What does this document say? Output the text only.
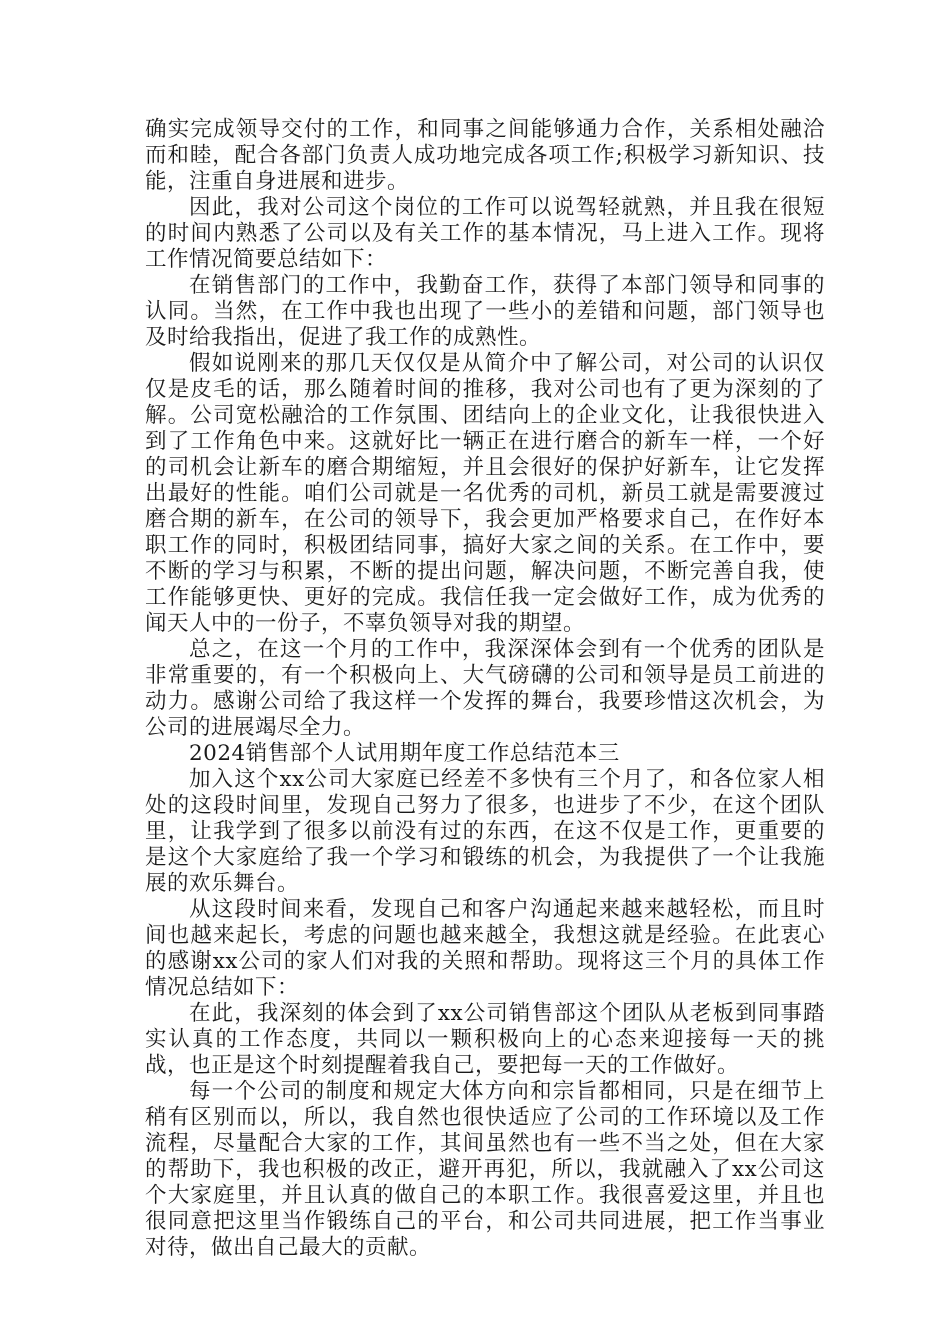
确实完成领导交付的工作，和同事之间能够通力合作，关系相处融洽而和睦，配合各部门负责人成功地完成各项工作;积极学习新知识、技能，注重自身进展和进步。

因此，我对公司这个岗位的工作可以说驾轻就熟，并且我在很短的时间内熟悉了公司以及有关工作的基本情况，马上进入工作。现将工作情况简要总结如下：

在销售部门的工作中，我勤奋工作，获得了本部门领导和同事的认同。当然，在工作中我也出现了一些小的差错和问题，部门领导也及时给我指出，促进了我工作的成熟性。

假如说刚来的那几天仅仅是从简介中了解公司，对公司的认识仅仅是皮毛的话，那么随着时间的推移，我对公司也有了更为深刻的了解。公司宽松融洽的工作氛围、团结向上的企业文化，让我很快进入到了工作角色中来。这就好比一辆正在进行磨合的新车一样，一个好的司机会让新车的磨合期缩短，并且会很好的保护好新车，让它发挥出最好的性能。咱们公司就是一名优秀的司机，新员工就是需要渡过磨合期的新车，在公司的领导下，我会更加严格要求自己，在作好本职工作的同时，积极团结同事，搞好大家之间的关系。在工作中，要不断的学习与积累，不断的提出问题，解决问题，不断完善自我，使工作能够更快、更好的完成。我信任我一定会做好工作，成为优秀的闻天人中的一份子，不辜负领导对我的期望。

总之，在这一个月的工作中，我深深体会到有一个优秀的团队是非常重要的，有一个积极向上、大气磅礴的公司和领导是员工前进的动力。感谢公司给了我这样一个发挥的舞台，我要珍惜这次机会，为公司的进展竭尽全力。

2024销售部个人试用期年度工作总结范本三

加入这个xx公司大家庭已经差不多快有三个月了，和各位家人相处的这段时间里，发现自己努力了很多，也进步了不少，在这个团队里，让我学到了很多以前没有过的东西，在这不仅是工作，更重要的是这个大家庭给了我一个学习和锻练的机会，为我提供了一个让我施展的欢乐舞台。

从这段时间来看，发现自己和客户沟通起来越来越轻松，而且时间也越来起长，考虑的问题也越来越全，我想这就是经验。在此衷心的感谢xx公司的家人们对我的关照和帮助。现将这三个月的具体工作情况总结如下：

在此，我深刻的体会到了xx公司销售部这个团队从老板到同事踏实认真的工作态度，共同以一颗积极向上的心态来迎接每一天的挑战，也正是这个时刻提醒着我自己，要把每一天的工作做好。

每一个公司的制度和规定大体方向和宗旨都相同，只是在细节上稍有区别而以，所以，我自然也很快适应了公司的工作环境以及工作流程，尽量配合大家的工作，其间虽然也有一些不当之处，但在大家的帮助下，我也积极的改正，避开再犯，所以，我就融入了xx公司这个大家庭里，并且认真的做自己的本职工作。我很喜爱这里，并且也很同意把这里当作锻练自己的平台，和公司共同进展，把工作当事业对待，做出自己最大的贡献。
